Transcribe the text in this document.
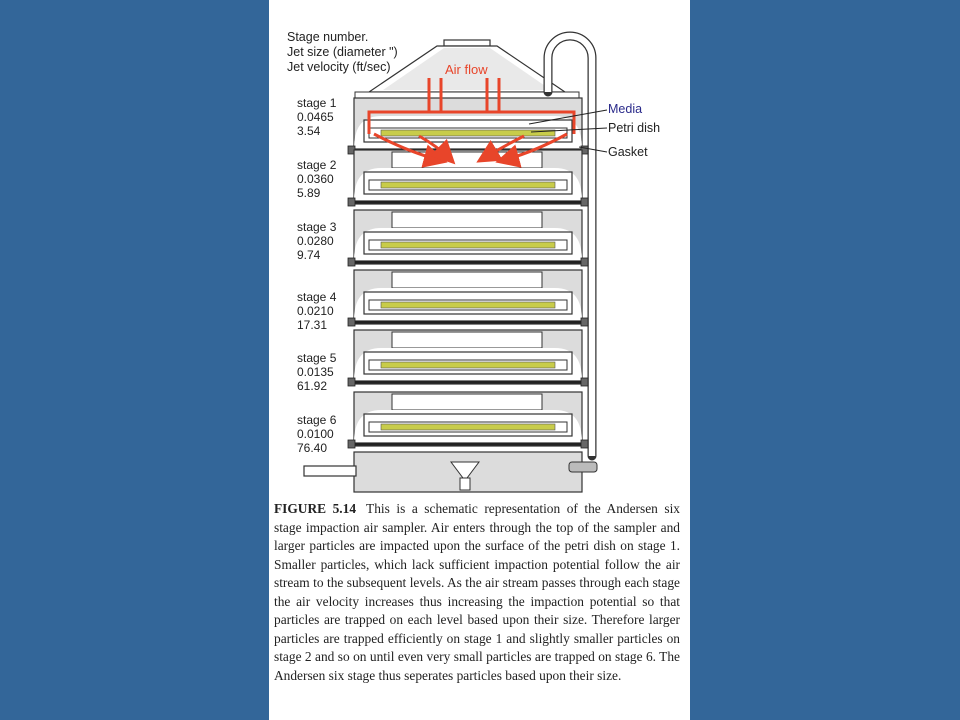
Stage number.
Jet size (diameter ")
Jet velocity (ft/sec)
stage 1
0.0465
3.54
stage 2
0.0360
5.89
stage 3
0.0280
9.74
stage 4
0.0210
17.31
stage 5
0.0135
61.92
stage 6
0.0100
76.40
Air flow
Media
Petri dish
Gasket

FIGURE 5.14 This is a schematic representation of the Andersen six stage impaction air sampler. Air enters through the top of the sampler and larger particles are impacted upon the surface of the petri dish on stage 1. Smaller particles, which lack sufficient impaction potential follow the air stream to the subsequent levels. As the air stream passes through each stage the air velocity increases thus increasing the impaction potential so that particles are trapped on each level based upon their size. Therefore larger particles are trapped efficiently on stage 1 and slightly smaller particles on stage 2 and so on until even very small particles are trapped on stage 6. The Andersen six stage thus seperates particles based upon their size.
